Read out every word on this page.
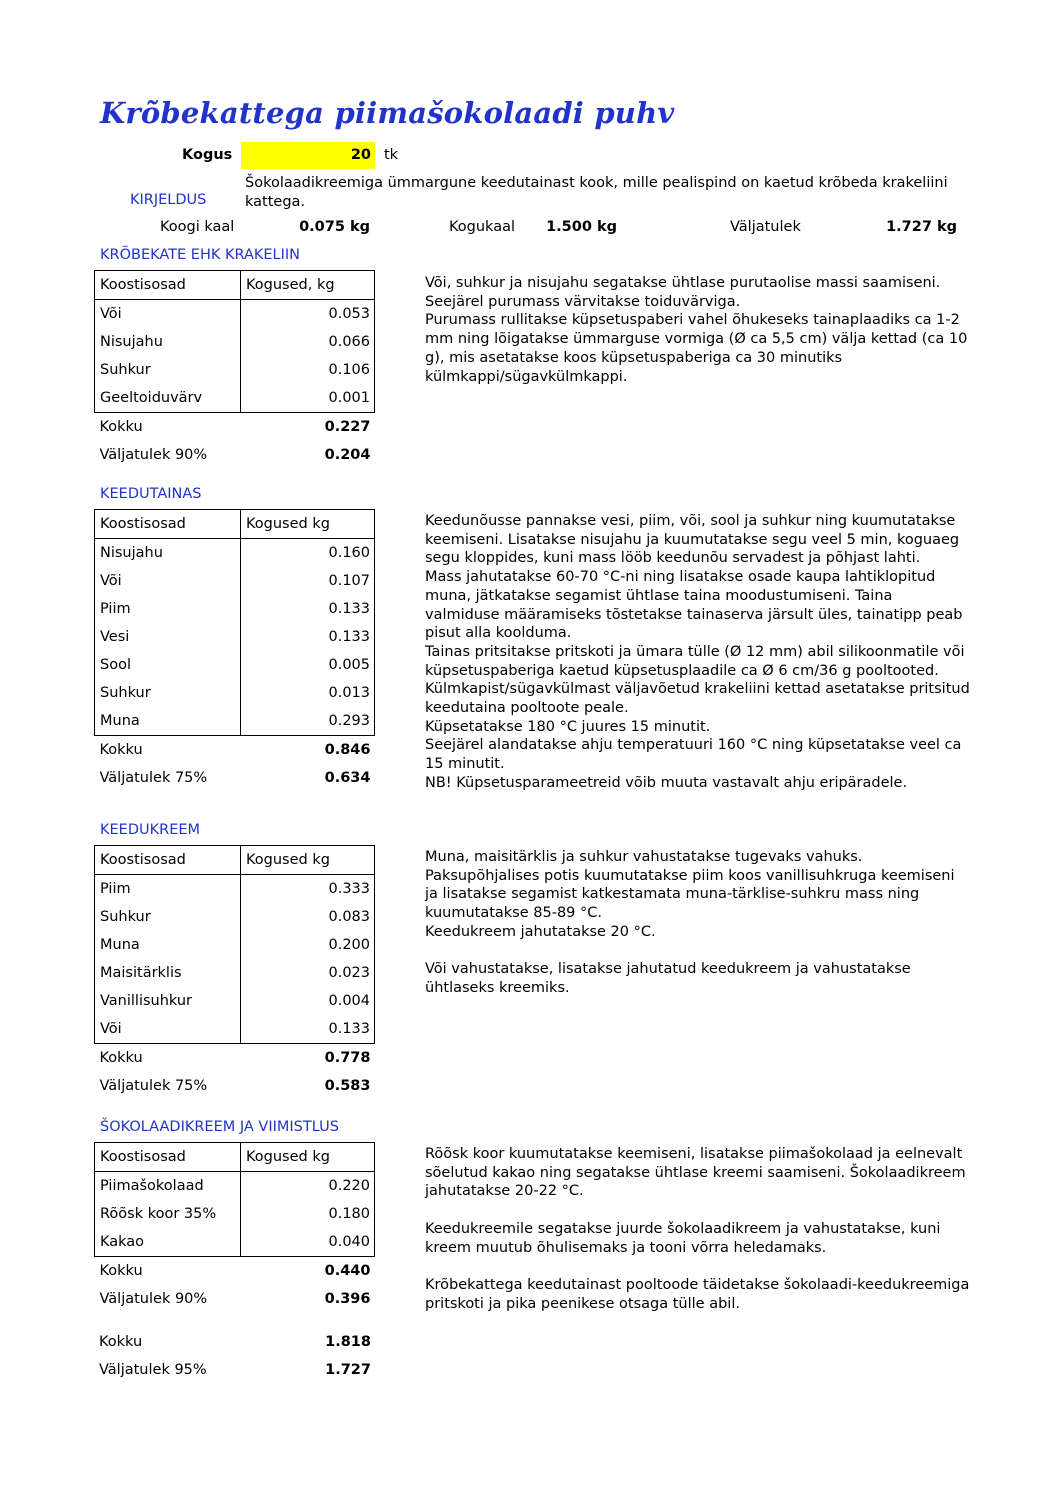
Krõbekattega piimašokolaadi puhv
Kogus	20 tk
KIRJELDUS
Šokolaadikreemiga ümmargune keedutainast kook, mille pealispind on kaetud krõbeda krakeliini kattega.
Koogi kaal	0.075 kg	Kogukaal	1.500 kg	Väljatulek	1.727 kg
KRÕBEKATE EHK KRAKELIIN
Koostisosad	Kogused, kg
Või	0.053
Nisujahu	0.066
Suhkur	0.106
Geeltoiduvärv	0.001
Kokku	0.227
Väljatulek 90%	0.204

Või, suhkur ja nisujahu segatakse ühtlase purutaolise massi saamiseni.

Seejärel purumass värvitakse toiduvärviga.

Purumass rullitakse küpsetuspaberi vahel õhukeseks tainaplaadiks ca 1-2 mm ning lõigatakse ümmarguse vormiga (Ø ca 5,5 cm) välja kettad (ca 10 g), mis asetatakse koos küpsetuspaberiga ca 30 minutiks külmkappi/sügavkülmkappi.

KEEDUTAINAS
Koostisosad	Kogused kg
Nisujahu	0.160
Või	0.107
Piim	0.133
Vesi	0.133
Sool	0.005
Suhkur	0.013
Muna	0.293
Kokku	0.846
Väljatulek 75%	0.634

Keedunõusse pannakse vesi, piim, või, sool ja suhkur ning kuumutatakse keemiseni. Lisatakse nisujahu ja kuumutatakse segu veel 5 min, koguaeg segu kloppides, kuni mass lööb keedunõu servadest ja põhjast lahti.

Mass jahutatakse 60-70 °C-ni ning lisatakse osade kaupa lahtiklopitud muna, jätkatakse segamist ühtlase taina moodustumiseni. Taina valmiduse määramiseks tõstetakse tainaserva järsult üles, tainatipp peab pisut alla koolduma.

Tainas pritsitakse pritskoti ja ümara tülle (Ø 12 mm) abil silikoonmatile või küpsetuspaberiga kaetud küpsetusplaadile ca Ø 6 cm/36 g pooltooted.

Külmkapist/sügavkülmast väljavõetud krakeliini kettad asetatakse pritsitud keedutaina pooltoote peale.

Küpsetatakse 180 °C juures 15 minutit.

Seejärel alandatakse ahju temperatuuri 160 °C ning küpsetatakse veel ca 15 minutit.

NB! Küpsetusparameetreid võib muuta vastavalt ahju eripäradele.

KEEDUKREEM
Koostisosad	Kogused kg
Piim	0.333
Suhkur	0.083
Muna	0.200
Maisitärklis	0.023
Vanillisuhkur	0.004
Või	0.133
Kokku	0.778
Väljatulek 75%	0.583

Muna, maisitärklis ja suhkur vahustatakse tugevaks vahuks. Paksupõhjalises potis kuumutatakse piim koos vanillisuhkruga keemiseni ja lisatakse segamist katkestamata muna-tärklise-suhkru mass ning kuumutatakse 85-89 °C.

Keedukreem jahutatakse 20 °C.

Või vahustatakse, lisatakse jahutatud keedukreem ja vahustatakse ühtlaseks kreemiks.

ŠOKOLAADIKREEM JA VIIMISTLUS
Koostisosad	Kogused kg
Piimašokolaad	0.220
Rõõsk koor 35%	0.180
Kakao	0.040
Kokku	0.440
Väljatulek 90%	0.396

Rõõsk koor kuumutatakse keemiseni, lisatakse piimašokolaad ja eelnevalt sõelutud kakao ning segatakse ühtlase kreemi saamiseni. Šokolaadikreem jahutatakse 20-22 °C.

Keedukreemile segatakse juurde šokolaadikreem ja vahustatakse, kuni kreem muutub õhulisemaks ja tooni võrra heledamaks.

Krõbekattega keedutainast pooltoode täidetakse šokolaadi-keedukreemiga pritskoti ja pika peenikese otsaga tülle abil.

Kokku	1.818
Väljatulek 95%	1.727
